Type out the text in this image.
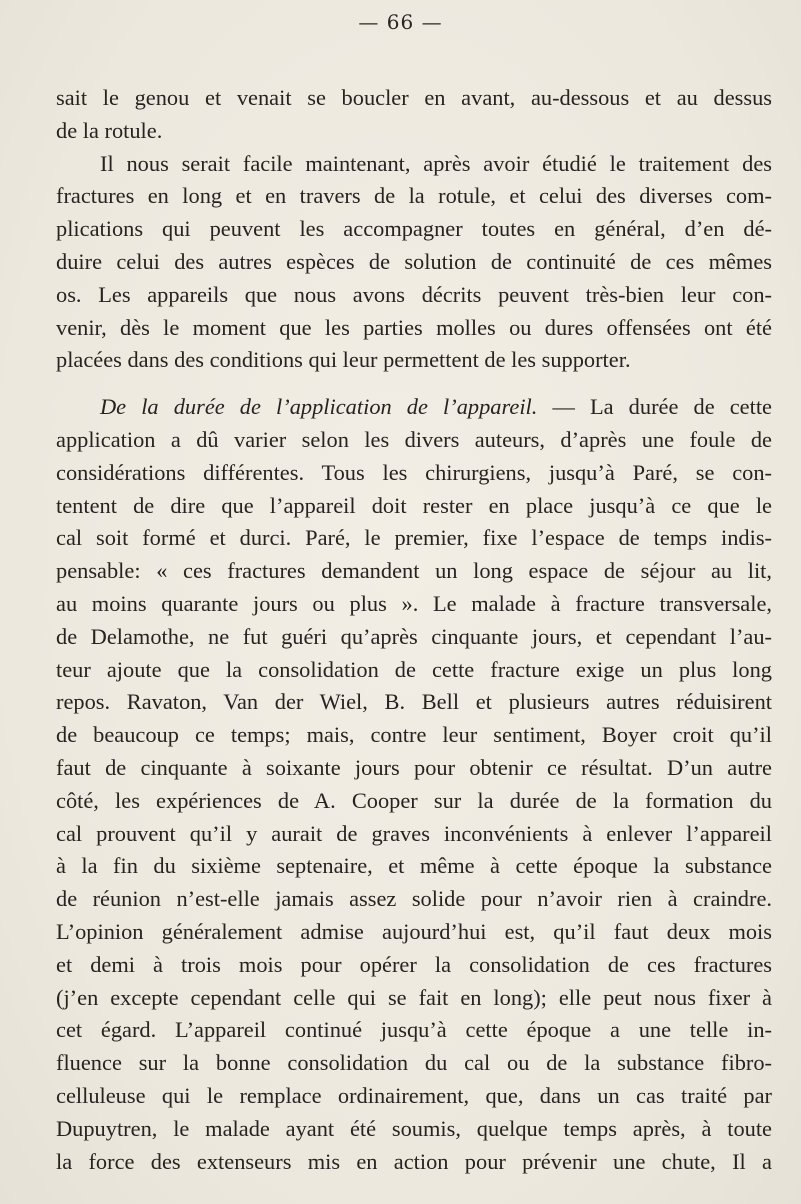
— 66 —
sait le genou et venait se boucler en avant, au-dessous et au dessus
de la rotule.
Il nous serait facile maintenant, après avoir étudié le traitement des
fractures en long et en travers de la rotule, et celui des diverses com-
plications qui peuvent les accompagner toutes en général, d’en dé-
duire celui des autres espèces de solution de continuité de ces mêmes
os. Les appareils que nous avons décrits peuvent très-bien leur con-
venir, dès le moment que les parties molles ou dures offensées ont été
placées dans des conditions qui leur permettent de les supporter.
De la durée de l’application de l’appareil. — La durée de cette
application a dû varier selon les divers auteurs, d’après une foule de
considérations différentes. Tous les chirurgiens, jusqu’à Paré, se con-
tentent de dire que l’appareil doit rester en place jusqu’à ce que le
cal soit formé et durci. Paré, le premier, fixe l’espace de temps indis-
pensable: « ces fractures demandent un long espace de séjour au lit,
au moins quarante jours ou plus ». Le malade à fracture transversale,
de Delamothe, ne fut guéri qu’après cinquante jours, et cependant l’au-
teur ajoute que la consolidation de cette fracture exige un plus long
repos. Ravaton, Van der Wiel, B. Bell et plusieurs autres réduisirent
de beaucoup ce temps; mais, contre leur sentiment, Boyer croit qu’il
faut de cinquante à soixante jours pour obtenir ce résultat. D’un autre
côté, les expériences de A. Cooper sur la durée de la formation du
cal prouvent qu’il y aurait de graves inconvénients à enlever l’appareil
à la fin du sixième septenaire, et même à cette époque la substance
de réunion n’est-elle jamais assez solide pour n’avoir rien à craindre.
L’opinion généralement admise aujourd’hui est, qu’il faut deux mois
et demi à trois mois pour opérer la consolidation de ces fractures
(j’en excepte cependant celle qui se fait en long); elle peut nous fixer à
cet égard. L’appareil continué jusqu’à cette époque a une telle in-
fluence sur la bonne consolidation du cal ou de la substance fibro-
celluleuse qui le remplace ordinairement, que, dans un cas traité par
Dupuytren, le malade ayant été soumis, quelque temps après, à toute
la force des extenseurs mis en action pour prévenir une chute, Il a
